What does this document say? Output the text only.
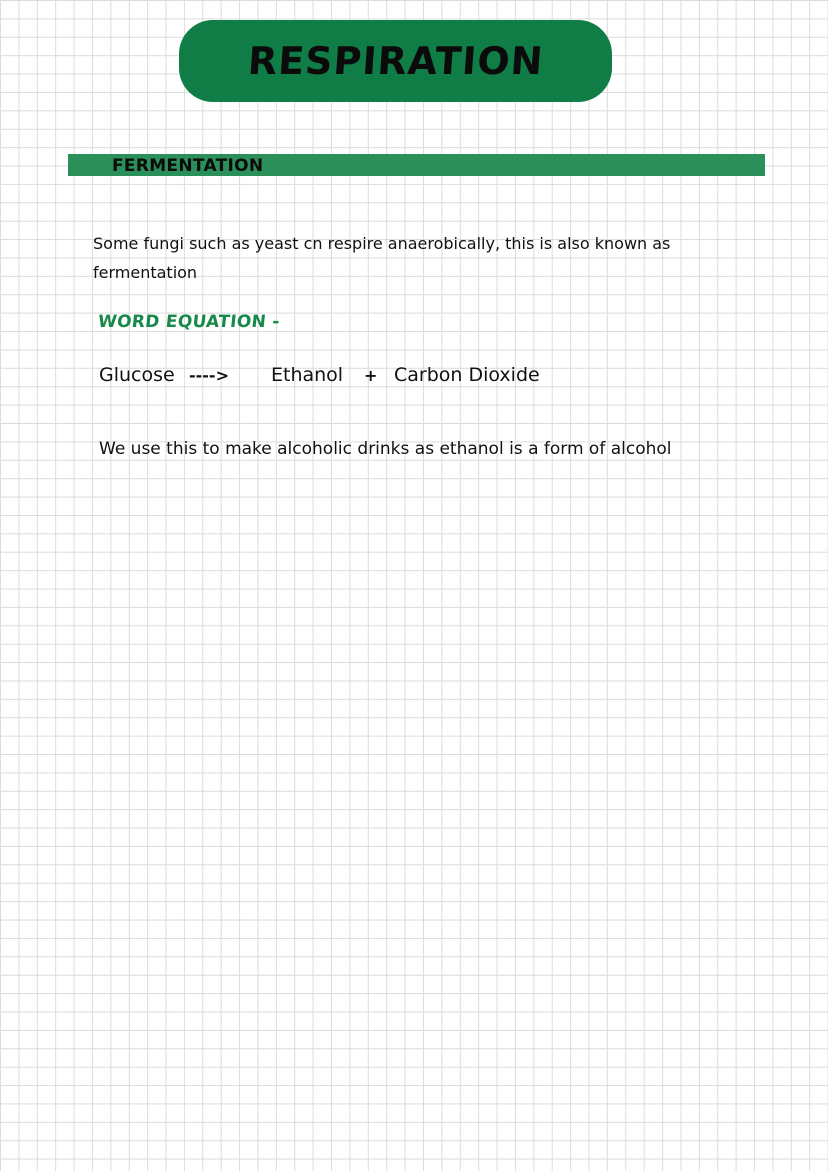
RESPIRATION
FERMENTATION
Some fungi such as yeast cn respire anaerobically, this is also known as fermentation
WORD EQUATION -
Glucose ----> Ethanol + Carbon Dioxide
We use this to make alcoholic drinks as ethanol is a form of alcohol
